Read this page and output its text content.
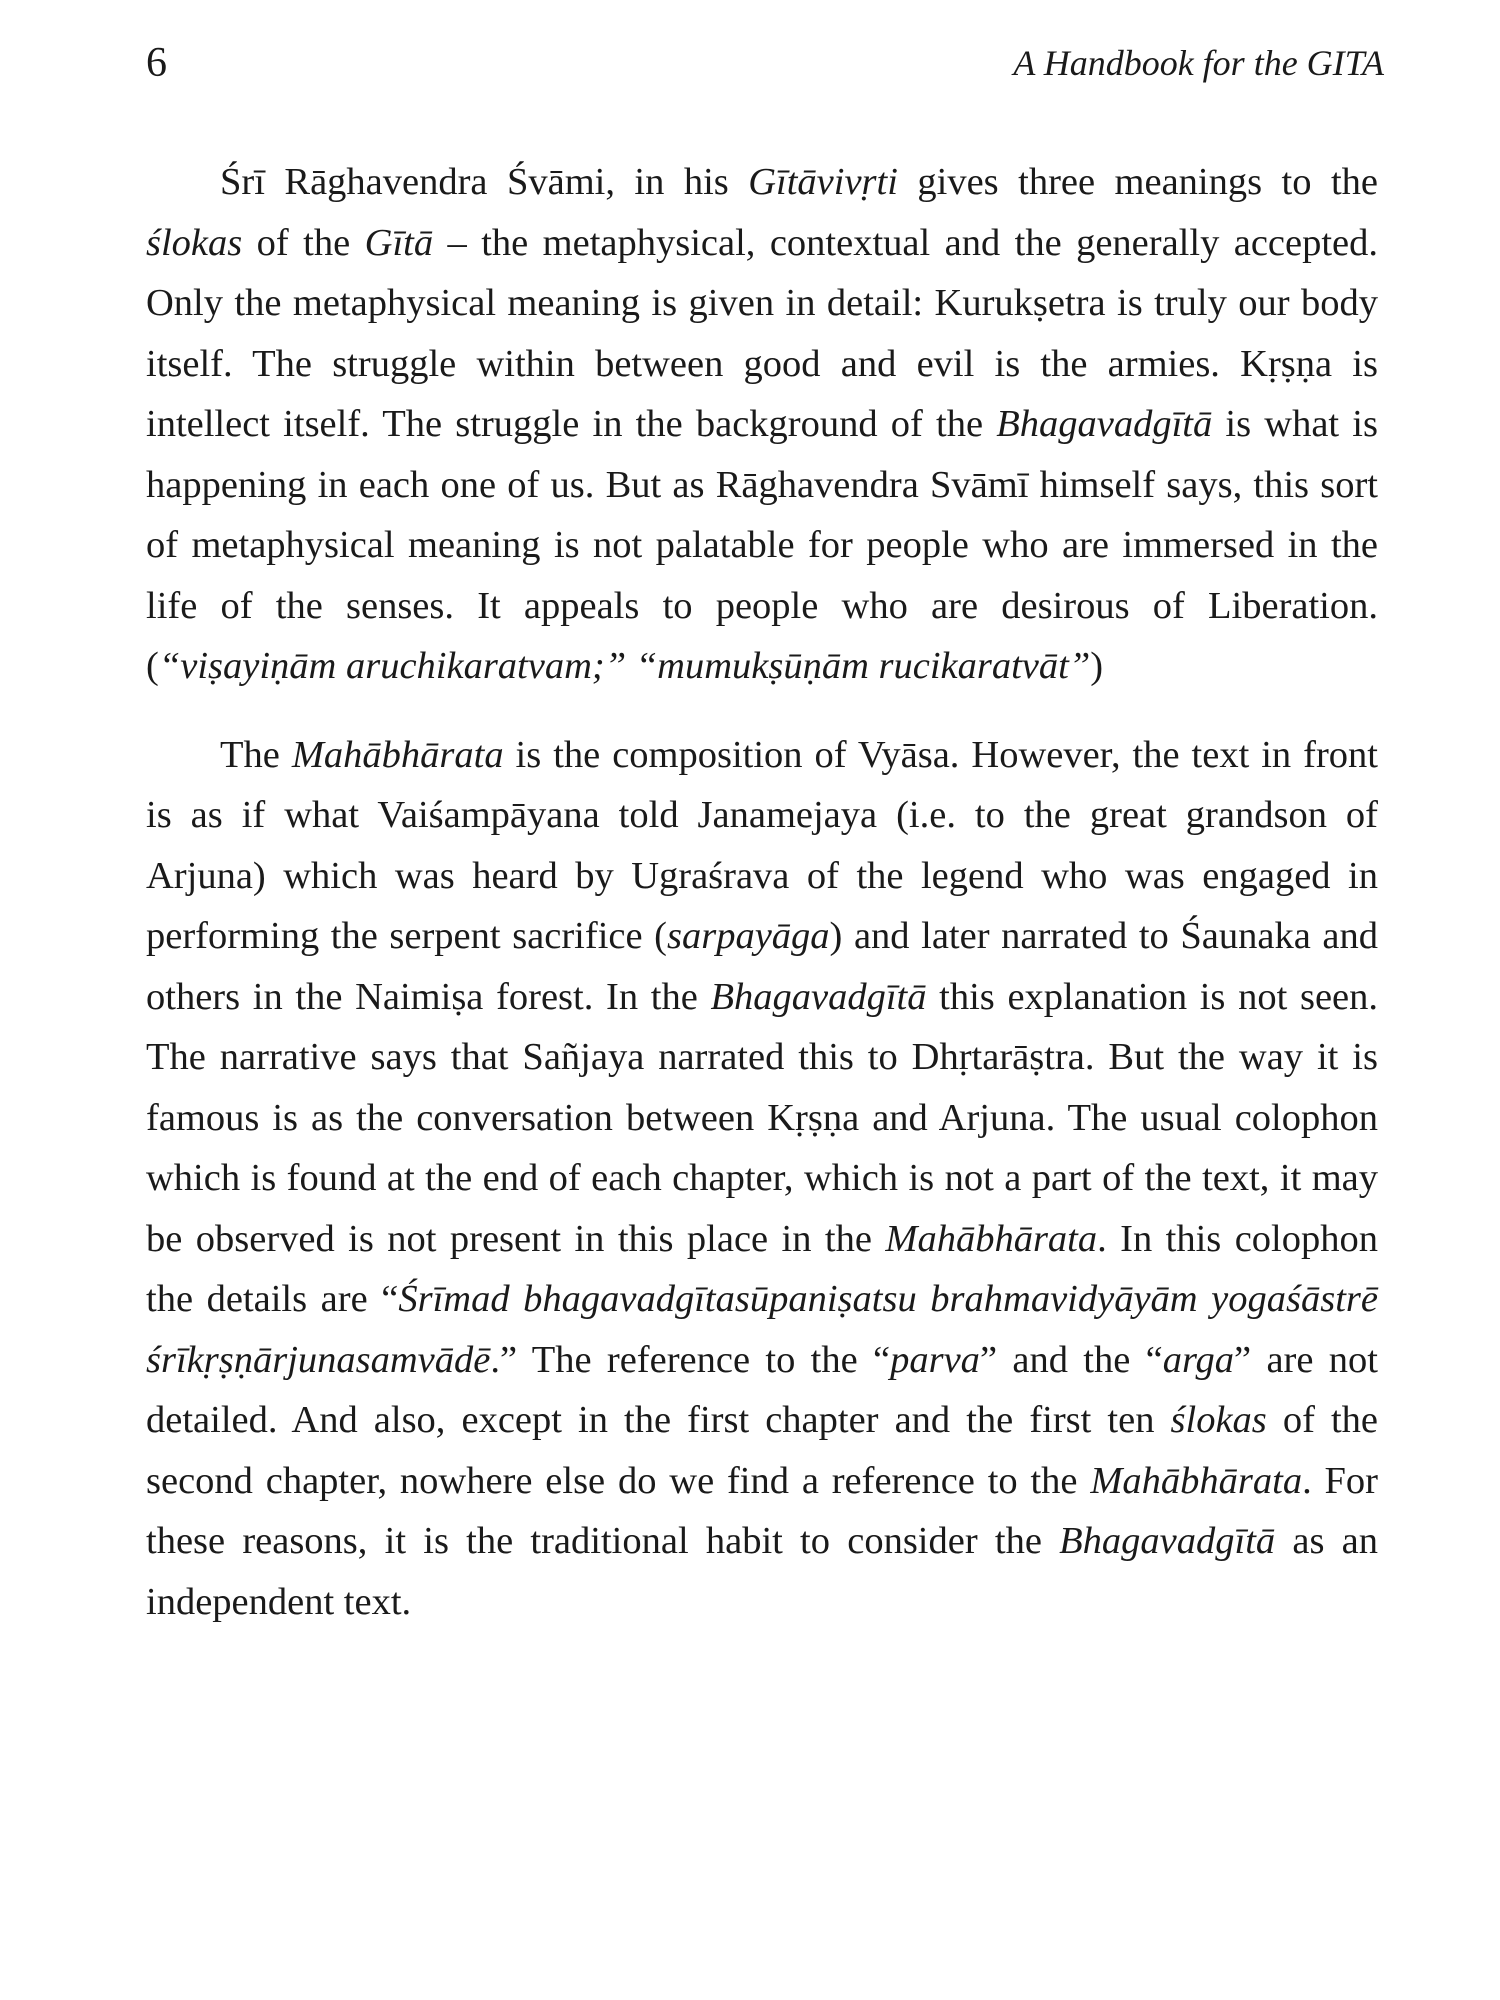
6	A Handbook for the GITA

Śrī Rāghavendra Śvāmi, in his Gītāvivṛti gives three meanings to the ślokas of the Gītā – the metaphysical, contextual and the generally accepted. Only the metaphysical meaning is given in detail: Kurukṣetra is truly our body itself. The struggle within between good and evil is the armies. Kṛṣṇa is intellect itself. The struggle in the background of the Bhagavadgītā is what is happening in each one of us. But as Rāghavendra Svāmī himself says, this sort of metaphysical meaning is not palatable for people who are immersed in the life of the senses. It appeals to people who are desirous of Liberation. (“viṣayiṇām aruchikaratvam;” “mumukṣūṇām rucikaratvāt”)

The Mahābhārata is the composition of Vyāsa. However, the text in front is as if what Vaiśampāyana told Janamejaya (i.e. to the great grandson of Arjuna) which was heard by Ugraśrava of the legend who was engaged in performing the serpent sacrifice (sarpayāga) and later narrated to Śaunaka and others in the Naimiṣa forest. In the Bhagavadgītā this explanation is not seen. The narrative says that Sañjaya narrated this to Dhṛtarāṣtra. But the way it is famous is as the conversation between Kṛṣṇa and Arjuna. The usual colophon which is found at the end of each chapter, which is not a part of the text, it may be observed is not present in this place in the Mahābhārata. In this colophon the details are “Śrīmad bhagavadgītasūpaniṣatsu brahmavidyāyām yogaśāstrē śrīkṛṣṇārjunasamvādē.” The reference to the “parva” and the “arga” are not detailed. And also, except in the first chapter and the first ten ślokas of the second chapter, nowhere else do we find a reference to the Mahābhārata. For these reasons, it is the traditional habit to consider the Bhagavadgītā as an independent text.
